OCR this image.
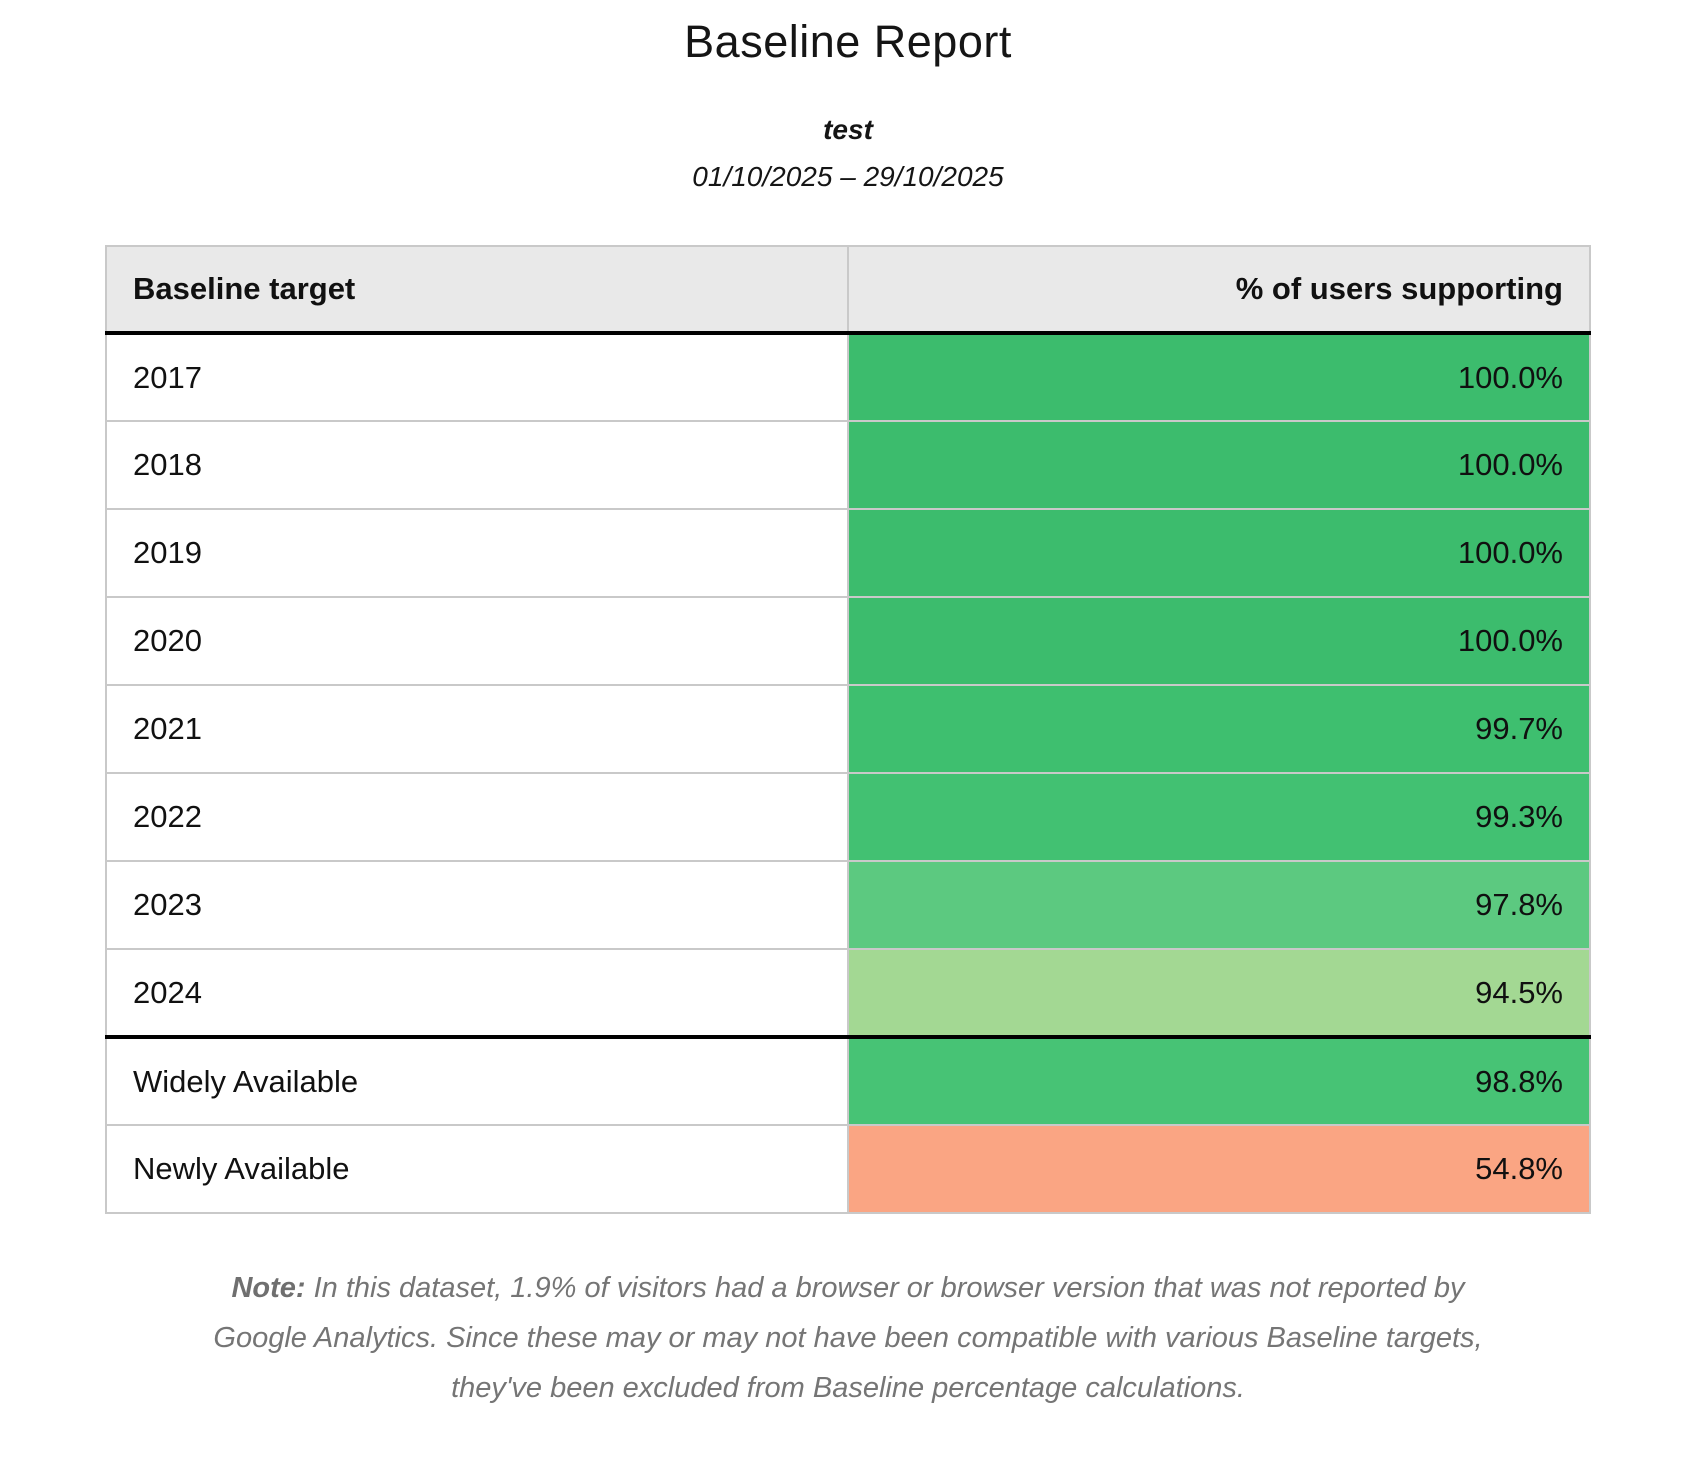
Baseline Report

test

01/10/2025 – 29/10/2025

Baseline target	% of users supporting
2017	100.0%
2018	100.0%
2019	100.0%
2020	100.0%
2021	99.7%
2022	99.3%
2023	97.8%
2024	94.5%
Widely Available	98.8%
Newly Available	54.8%

Note: In this dataset, 1.9% of visitors had a browser or browser version that was not reported by Google Analytics. Since these may or may not have been compatible with various Baseline targets, they've been excluded from Baseline percentage calculations.
